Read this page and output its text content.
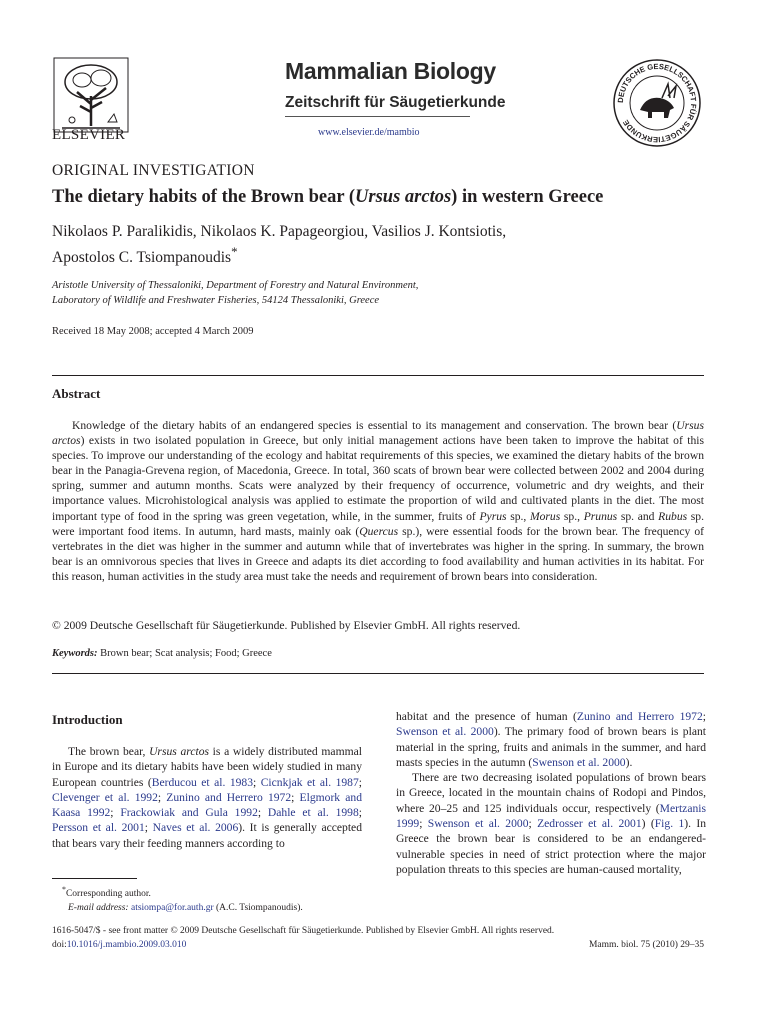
ELSEVIER
Mammalian Biology
Zeitschrift für Säugetierkunde
www.elsevier.de/mambio
DEUTSCHE GESELLSCHAFT FÜR SÄUGETIERKUNDE
ORIGINAL INVESTIGATION
The dietary habits of the Brown bear (Ursus arctos) in western Greece
Nikolaos P. Paralikidis, Nikolaos K. Papageorgiou, Vasilios J. Kontsiotis,
Apostolos C. Tsiompanoudis*
Aristotle University of Thessaloniki, Department of Forestry and Natural Environment,
Laboratory of Wildlife and Freshwater Fisheries, 54124 Thessaloniki, Greece
Received 18 May 2008; accepted 4 March 2009
Abstract
Knowledge of the dietary habits of an endangered species is essential to its management and conservation. The brown bear (Ursus arctos) exists in two isolated population in Greece, but only initial management actions have been taken to improve the habitat of this species. To improve our understanding of the ecology and habitat requirements of this species, we examined the dietary habits of the brown bear in the Panagia-Grevena region, of Macedonia, Greece. In total, 360 scats of brown bear were collected between 2002 and 2004 during spring, summer and autumn months. Scats were analyzed by their frequency of occurrence, volumetric and dry weights, and their importance values. Microhistological analysis was applied to estimate the proportion of wild and cultivated plants in the diet. The most important type of food in the spring was green vegetation, while, in the summer, fruits of Pyrus sp., Morus sp., Prunus sp. and Rubus sp. were important food items. In autumn, hard masts, mainly oak (Quercus sp.), were essential foods for the brown bear. The frequency of vertebrates in the diet was higher in the summer and autumn while that of invertebrates was higher in the spring. In summary, the brown bear is an omnivorous species that lives in Greece and adapts its diet according to food availability and human activities in its habitat. For this reason, human activities in the study area must take the needs and requirement of brown bears into consideration.
© 2009 Deutsche Gesellschaft für Säugetierkunde. Published by Elsevier GmbH. All rights reserved.
Keywords: Brown bear; Scat analysis; Food; Greece
Introduction
The brown bear, Ursus arctos is a widely distributed mammal in Europe and its dietary habits have been widely studied in many European countries (Berducou et al. 1983; Cicnkjak et al. 1987; Clevenger et al. 1992; Zunino and Herrero 1972; Elgmork and Kaasa 1992; Frackowiak and Gula 1992; Dahle et al. 1998; Persson et al. 2001; Naves et al. 2006). It is generally accepted that bears vary their feeding manners according to
habitat and the presence of human (Zunino and Herrero 1972; Swenson et al. 2000). The primary food of brown bears is plant material in the spring, fruits and animals in the summer, and hard masts species in the autumn (Swenson et al. 2000).
There are two decreasing isolated populations of brown bears in Greece, located in the mountain chains of Rodopi and Pindos, where 20–25 and 125 individuals occur, respectively (Mertzanis 1999; Swenson et al. 2000; Zedrosser et al. 2001) (Fig. 1). In Greece the brown bear is considered to be an endangered-vulnerable species in need of strict protection where the major population threats to this species are human-caused mortality,
*Corresponding author.
E-mail address: atsiompa@for.auth.gr (A.C. Tsiompanoudis).
1616-5047/$ - see front matter © 2009 Deutsche Gesellschaft für Säugetierkunde. Published by Elsevier GmbH. All rights reserved.
doi:10.1016/j.mambio.2009.03.010	Mamm. biol. 75 (2010) 29–35
